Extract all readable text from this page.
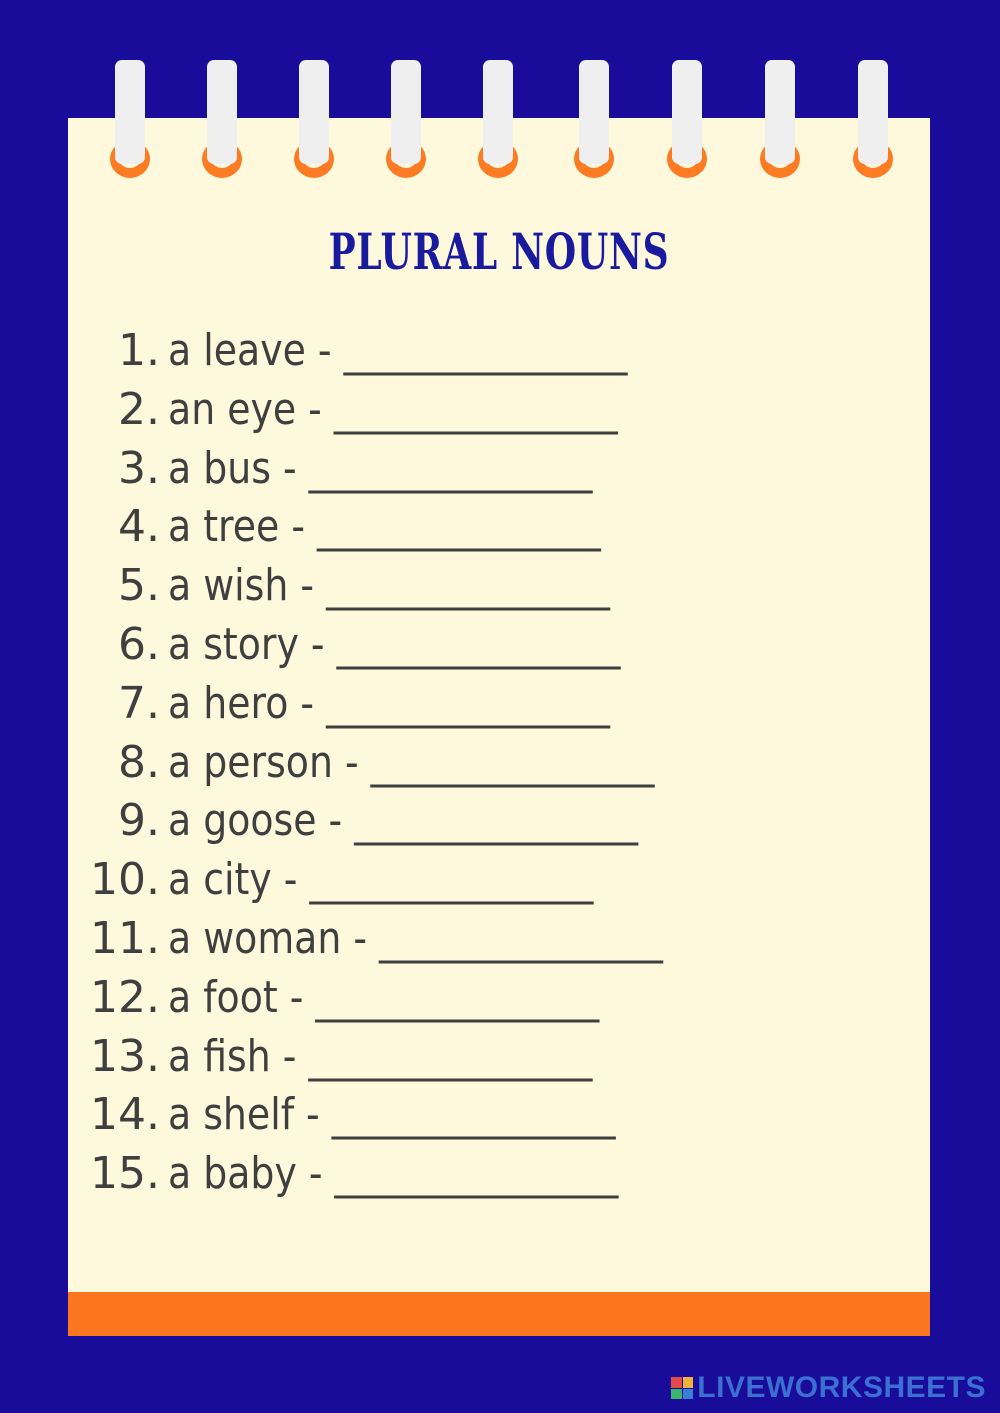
PLURAL NOUNS
1. a leave - _______________
2. an eye - _______________
3. a bus - _______________
4. a tree - _______________
5. a wish - _______________
6. a story - _______________
7. a hero - _______________
8. a person - _______________
9. a goose - _______________
10. a city - _______________
11. a woman - _______________
12. a foot - _______________
13. a fish - _______________
14. a shelf - _______________
15. a baby - _______________
LIVEWORKSHEETS
